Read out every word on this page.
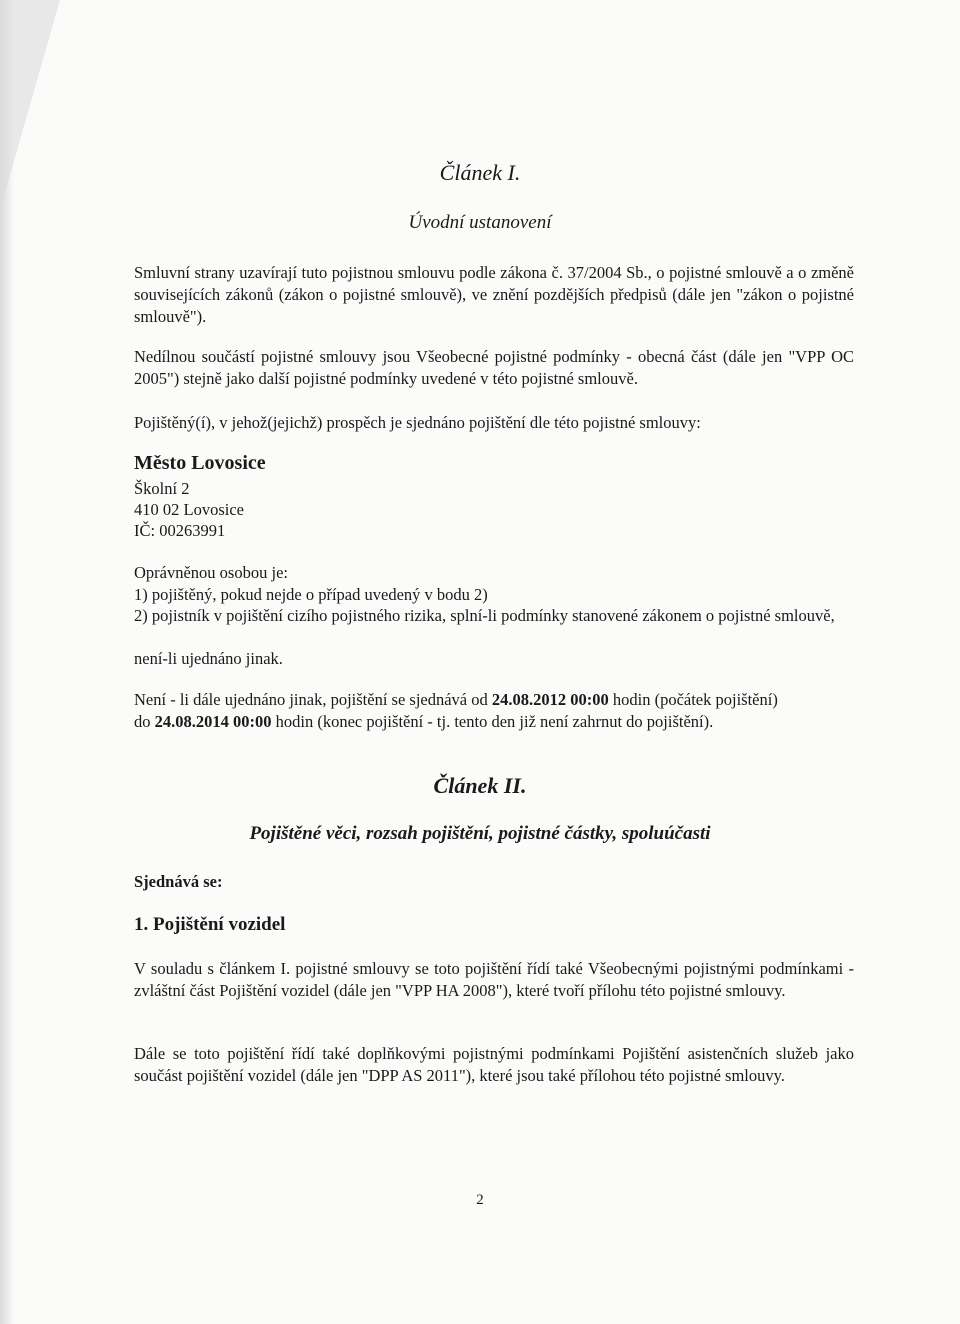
Článek I.

Úvodní ustanovení

Smluvní strany uzavírají tuto pojistnou smlouvu podle zákona č. 37/2004 Sb., o pojistné smlouvě a o změně souvisejících zákonů (zákon o pojistné smlouvě), ve znění pozdějších předpisů (dále jen "zákon o pojistné smlouvě").

Nedílnou součástí pojistné smlouvy jsou Všeobecné pojistné podmínky - obecná část (dále jen "VPP OC 2005") stejně jako další pojistné podmínky uvedené v této pojistné smlouvě.

Pojištěný(í), v jehož(jejichž) prospěch je sjednáno pojištění dle této pojistné smlouvy:

Město Lovosice

Školní 2

410 02 Lovosice

IČ: 00263991

Oprávněnou osobou je:

1) pojištěný, pokud nejde o případ uvedený v bodu 2)

2) pojistník v pojištění cizího pojistného rizika, splní-li podmínky stanovené zákonem o pojistné smlouvě,

není-li ujednáno jinak.

Není - li dále ujednáno jinak, pojištění se sjednává od 24.08.2012 00:00 hodin (počátek pojištění)

do 24.08.2014 00:00 hodin (konec pojištění - tj. tento den již není zahrnut do pojištění).

Článek II.

Pojištěné věci, rozsah pojištění, pojistné částky, spoluúčasti

Sjednává se:

1. Pojištění vozidel

V souladu s článkem I. pojistné smlouvy se toto pojištění řídí také Všeobecnými pojistnými podmínkami - zvláštní část Pojištění vozidel (dále jen "VPP HA 2008"), které tvoří přílohu této pojistné smlouvy.

Dále se toto pojištění řídí také doplňkovými pojistnými podmínkami Pojištění asistenčních služeb jako součást pojištění vozidel (dále jen "DPP AS 2011"), které jsou také přílohou této pojistné smlouvy.

2
